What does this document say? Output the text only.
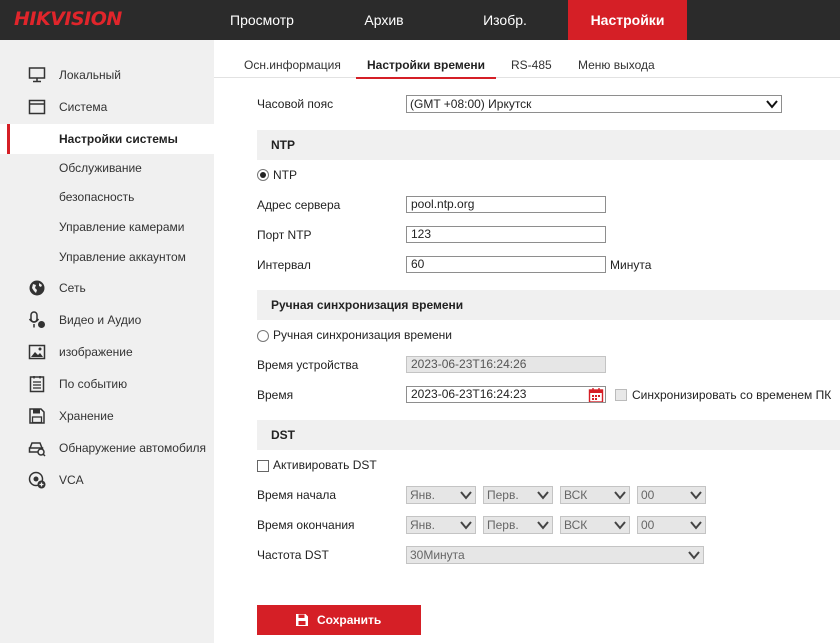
HIKVISION	Просмотр	Архив	Изобр.	Настройки
Локальный
Система
Настройки системы
Обслуживание
безопасность
Управление камерами
Управление аккаунтом
Сеть
Видео и Аудио
изображение
По событию
Хранение
Обнаружение автомобиля
VCA
Осн.информация Настройки времени RS-485 Меню выхода
Часовой пояс	(GMT +08:00) Иркутск
NTP
NTP
Адрес сервера	pool.ntp.org
Порт NTP	123
Интервал	60	Минута
Ручная синхронизация времени
Ручная синхронизация времени
Время устройства	2023-06-23T16:24:26
Время	2023-06-23T16:24:23	Синхронизировать со временем ПК
DST
Активировать DST
Время начала	Янв.	Перв.	ВСК	00
Время окончания	Янв.	Перв.	ВСК	00
Частота DST	30Минута
Сохранить
